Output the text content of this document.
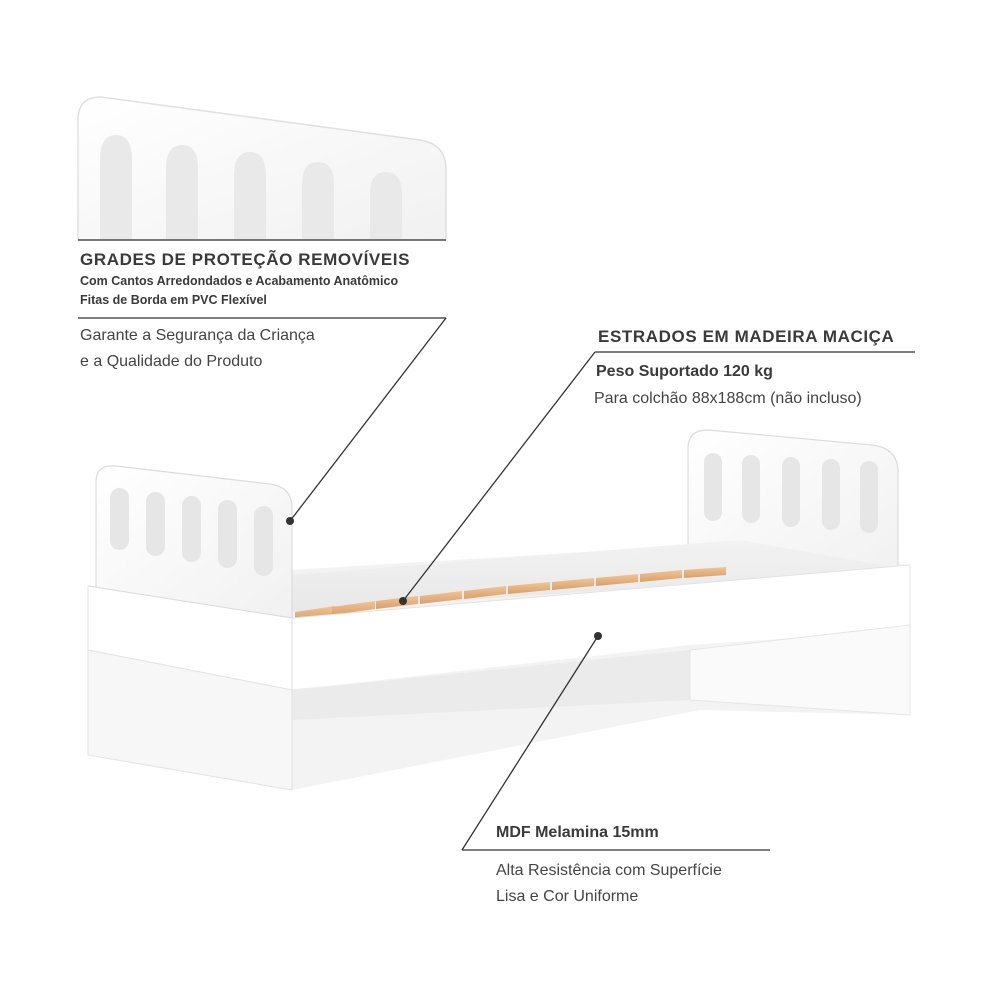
GRADES DE PROTEÇÃO REMOVÍVEIS
Com Cantos Arredondados e Acabamento Anatômico
Fitas de Borda em PVC Flexível
Garante a Segurança da Criança
e a Qualidade do Produto
ESTRADOS EM MADEIRA MACIÇA
Peso Suportado 120 kg
Para colchão 88x188cm (não incluso)
MDF Melamina 15mm
Alta Resistência com Superfície
Lisa e Cor Uniforme
